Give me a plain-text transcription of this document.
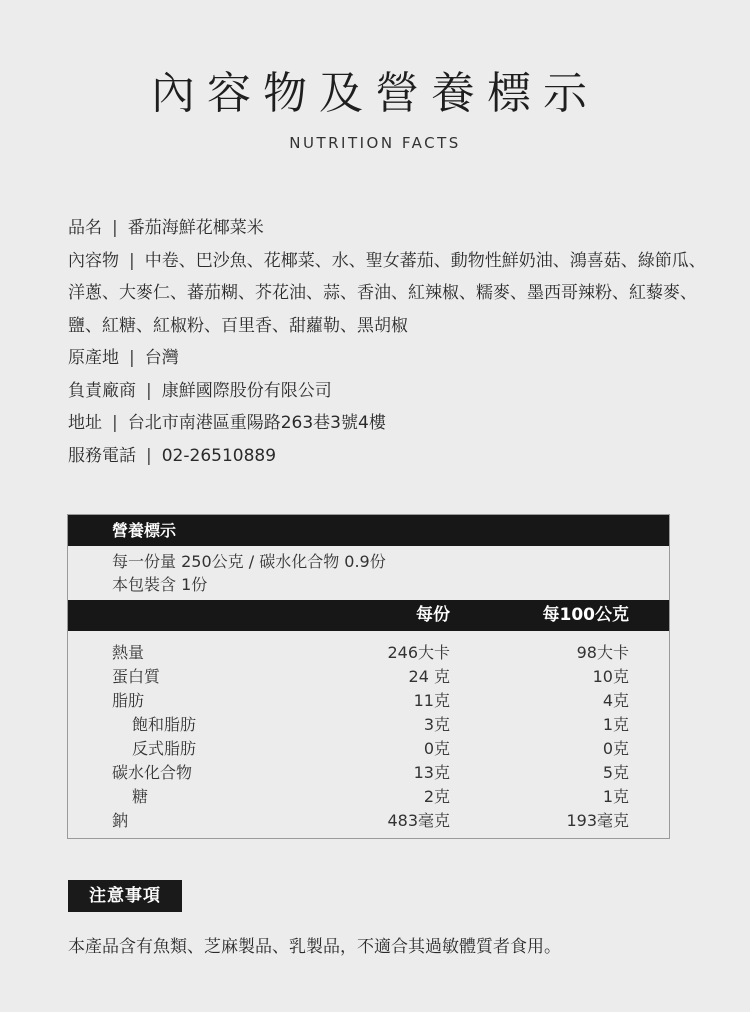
內容物及營養標示
NUTRITION FACTS
品名 | 番茄海鮮花椰菜米
內容物 | 中卷、巴沙魚、花椰菜、水、聖女蕃茄、動物性鮮奶油、鴻喜菇、綠節瓜、洋蔥、大麥仁、蕃茄糊、芥花油、蒜、香油、紅辣椒、糯麥、墨西哥辣粉、紅藜麥、鹽、紅糖、紅椒粉、百里香、甜蘿勒、黑胡椒
原產地 | 台灣
負責廠商 | 康鮮國際股份有限公司
地址 | 台北市南港區重陽路263巷3號4樓
服務電話 | 02-26510889
營養標示
每一份量 250公克 / 碳水化合物 0.9份
本包裝含 1份
每份	每100公克
熱量	246大卡	98大卡
蛋白質	24 克	10克
脂肪	11克	4克
飽和脂肪	3克	1克
反式脂肪	0克	0克
碳水化合物	13克	5克
糖	2克	1克
鈉	483毫克	193毫克
注意事項
本產品含有魚類、芝麻製品、乳製品，不適合其過敏體質者食用。
